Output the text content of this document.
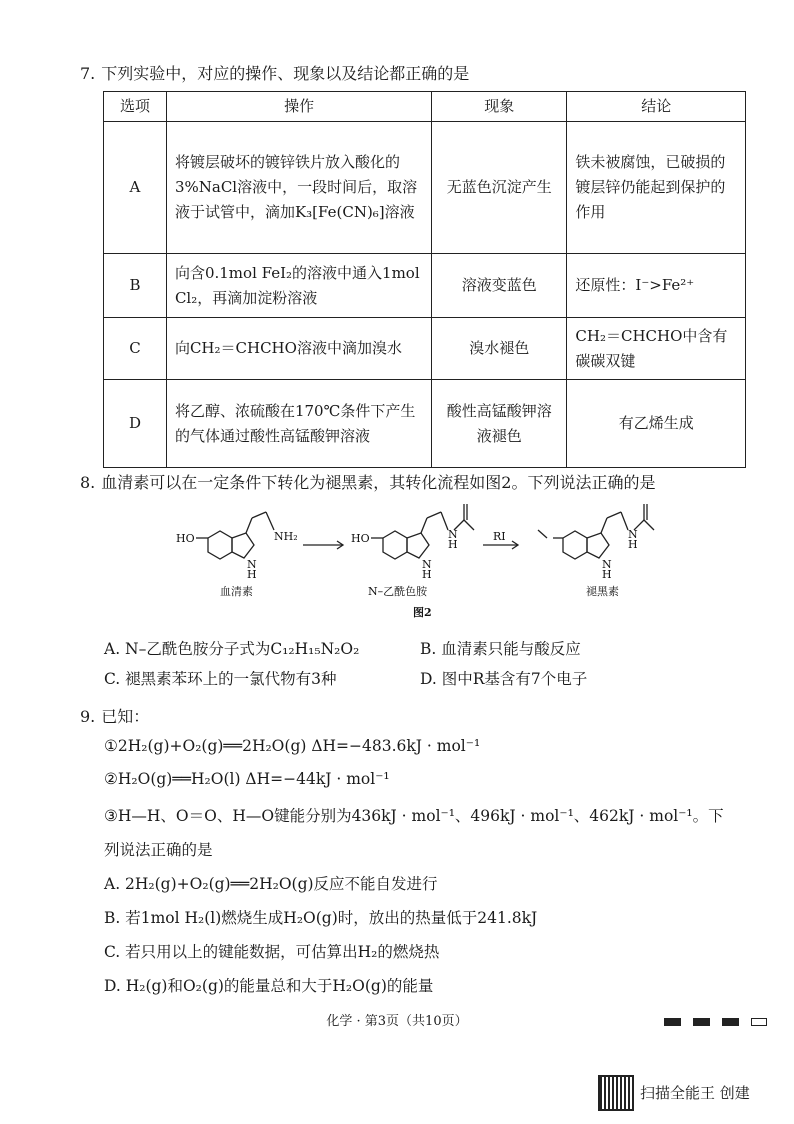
7. 下列实验中，对应的操作、现象以及结论都正确的是
选项	操作	现象	结论
A	将镀层破坏的镀锌铁片放入酸化的3%NaCl溶液中，一段时间后，取溶液于试管中，滴加K₃[Fe(CN)₆]溶液	无蓝色沉淀产生	铁未被腐蚀，已破损的镀层锌仍能起到保护的作用
B	向含0.1mol FeI₂的溶液中通入1mol Cl₂，再滴加淀粉溶液	溶液变蓝色	还原性：I⁻>Fe²⁺
C	向CH₂＝CHCHO溶液中滴加溴水	溴水褪色	CH₂＝CHCHO中含有碳碳双键
D	将乙醇、浓硫酸在170℃条件下产生的气体通过酸性高锰酸钾溶液	酸性高锰酸钾溶液褪色	有乙烯生成
8. 血清素可以在一定条件下转化为褪黑素，其转化流程如图2。下列说法正确的是
HO	NH₂
N
H
HO	N
H
N
H
RI	N
H
N
H
血清素	N–乙酰色胺	褪黑素
图2
A. N–乙酰色胺分子式为C₁₂H₁₅N₂O₂	B. 血清素只能与酸反应
C. 褪黑素苯环上的一氯代物有3种	D. 图中R基含有7个电子
9. 已知：
①2H₂(g)+O₂(g)══2H₂O(g) ΔH=−483.6kJ · mol⁻¹
②H₂O(g)══H₂O(l) ΔH=−44kJ · mol⁻¹
③H—H、O＝O、H—O键能分别为436kJ · mol⁻¹、496kJ · mol⁻¹、462kJ · mol⁻¹。下
列说法正确的是
A. 2H₂(g)+O₂(g)══2H₂O(g)反应不能自发进行
B. 若1mol H₂(l)燃烧生成H₂O(g)时，放出的热量低于241.8kJ
C. 若只用以上的键能数据，可估算出H₂的燃烧热
D. H₂(g)和O₂(g)的能量总和大于H₂O(g)的能量
化学 · 第3页（共10页）
扫描全能王 创建
